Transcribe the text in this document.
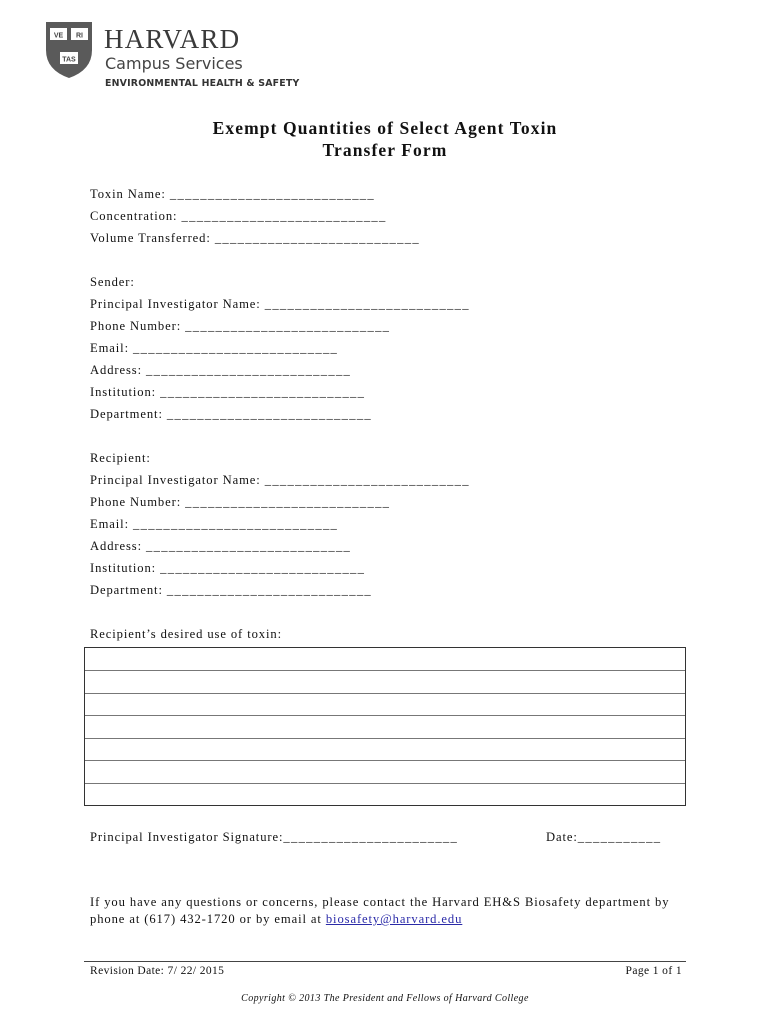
VE RI
TAS
HARVARD
Campus Services
ENVIRONMENTAL HEALTH & SAFETY
Exempt Quantities of Select Agent Toxin
Transfer Form
Toxin Name: ___________________________
Concentration: ___________________________
Volume Transferred: ___________________________
Sender:
Principal Investigator Name: ___________________________
Phone Number: ___________________________
Email: ___________________________
Address: ___________________________
Institution: ___________________________
Department: ___________________________
Recipient:
Principal Investigator Name: ___________________________
Phone Number: ___________________________
Email: ___________________________
Address: ___________________________
Institution: ___________________________
Department: ___________________________
Recipient’s desired use of toxin:
Principal Investigator Signature:_______________________	Date:___________
If you have any questions or concerns, please contact the Harvard EH&S Biosafety department by phone at (617) 432-1720 or by email at biosafety@harvard.edu
Revision Date: 7/ 22/ 2015	Page 1 of 1
Copyright © 2013 The President and Fellows of Harvard College
